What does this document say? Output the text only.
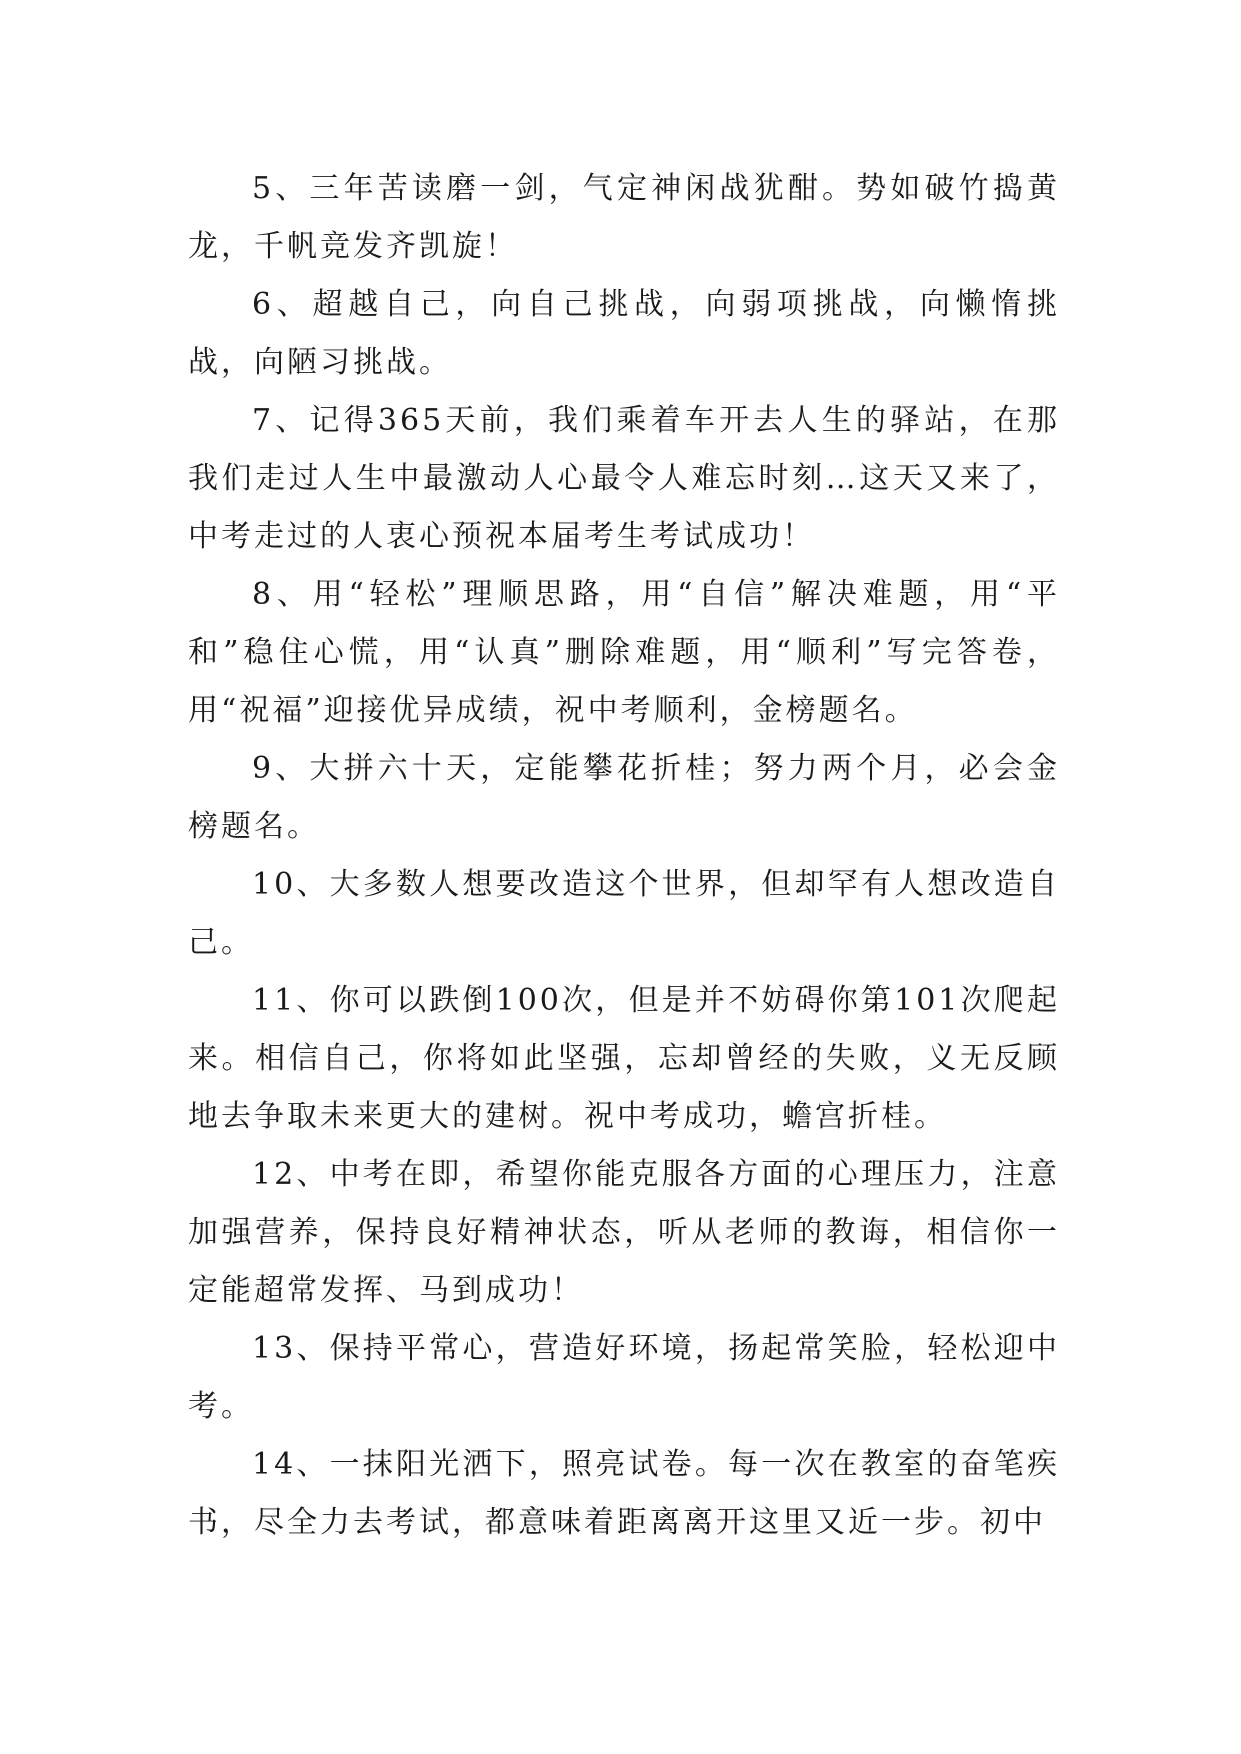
5、三年苦读磨一剑，气定神闲战犹酣。势如破竹捣黄龙，千帆竞发齐凯旋！

6、超越自己，向自己挑战，向弱项挑战，向懒惰挑战，向陋习挑战。

7、记得365天前，我们乘着车开去人生的驿站，在那我们走过人生中最激动人心最令人难忘时刻…这天又来了，中考走过的人衷心预祝本届考生考试成功！

8、用“轻松”理顺思路，用“自信”解决难题，用“平和”稳住心慌，用“认真”删除难题，用“顺利”写完答卷，用“祝福”迎接优异成绩，祝中考顺利，金榜题名。

9、大拼六十天，定能攀花折桂；努力两个月，必会金榜题名。

10、大多数人想要改造这个世界，但却罕有人想改造自己。

11、你可以跌倒100次，但是并不妨碍你第101次爬起来。相信自己，你将如此坚强，忘却曾经的失败，义无反顾地去争取未来更大的建树。祝中考成功，蟾宫折桂。

12、中考在即，希望你能克服各方面的心理压力，注意加强营养，保持良好精神状态，听从老师的教诲，相信你一定能超常发挥、马到成功！

13、保持平常心，营造好环境，扬起常笑脸，轻松迎中考。

14、一抹阳光洒下，照亮试卷。每一次在教室的奋笔疾书，尽全力去考试，都意味着距离离开这里又近一步。初中
